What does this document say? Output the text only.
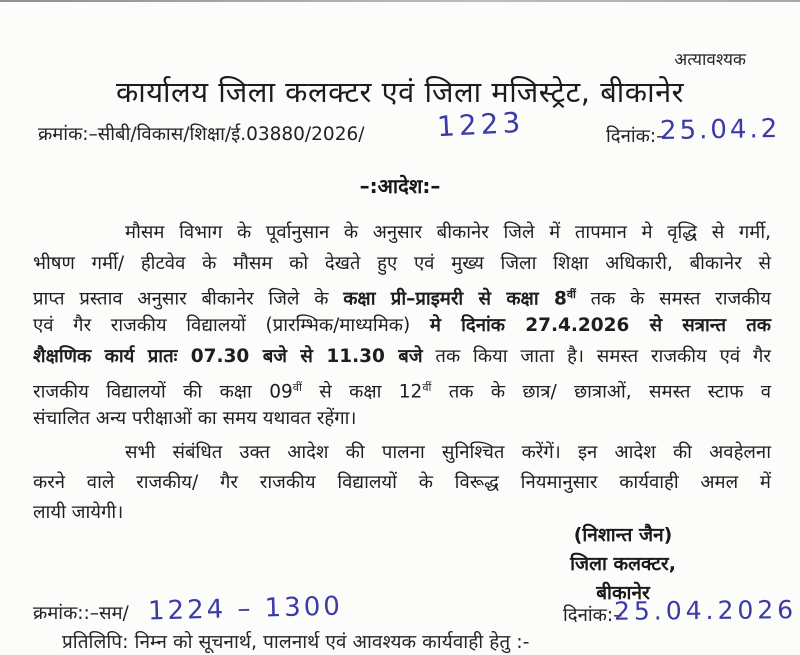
अत्यावश्यक
कार्यालय जिला कलक्टर एवं जिला मजिस्ट्रेट, बीकानेर
क्रमांक:–सीबी/विकास/शिक्षा/ई.03880/2026/	1223	दिनांक:–
25.04.2
–:आदेश:–
मौसम विभाग के पूर्वानुसान के अनुसार बीकानेर जिले में तापमान मे वृद्धि से गर्मी,
भीषण गर्मी/ हीटवेव के मौसम को देखते हुए एवं मुख्य जिला शिक्षा अधिकारी, बीकानेर से
प्राप्त प्रस्ताव अनुसार बीकानेर जिले के कक्षा प्री–प्राइमरी से कक्षा $8^{वीं}$ तक के समस्त राजकीय
एवं गैर राजकीय विद्यालयों (प्रारम्भिक/माध्यमिक) मे दिनांक 27.4.2026 से सत्रान्त तक
शैक्षणिक कार्य प्रातः 07.30 बजे से 11.30 बजे तक किया जाता है। समस्त राजकीय एवं गैर
राजकीय विद्यालयों की कक्षा $09^{वीं}$ से कक्षा $12^{वीं}$ तक के छात्र/ छात्राओं, समस्त स्टाफ व
संचालित अन्य परीक्षाओं का समय यथावत रहेंगा।
सभी संबंधित उक्त आदेश की पालना सुनिश्चित करेंगें। इन आदेश की अवहेलना
करने वाले राजकीय/ गैर राजकीय विद्यालयों के विरूद्ध नियमानुसार कार्यवाही अमल में
लायी जायेगी।
(निशान्त जैन)
जिला कलक्टर,
बीकानेर
क्रमांक::–सम/ 1224 – 1300	दिनांक:–
25.04.2026
प्रतिलिपि: निम्न को सूचनार्थ, पालनार्थ एवं आवश्यक कार्यवाही हेतु :-
